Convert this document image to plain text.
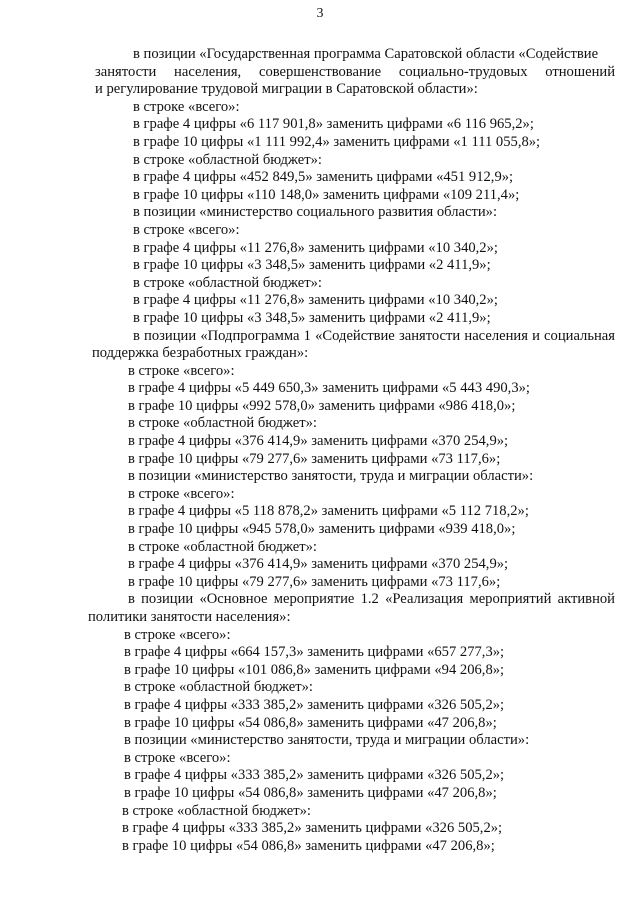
3
в позиции «Государственная программа Саратовской области «Содействие
занятости населения, совершенствование социально-трудовых отношений
и регулирование трудовой миграции в Саратовской области»:
в строке «всего»:
в графе 4 цифры «6 117 901,8» заменить цифрами «6 116 965,2»;
в графе 10 цифры «1 111 992,4» заменить цифрами «1 111 055,8»;
в строке «областной бюджет»:
в графе 4 цифры «452 849,5» заменить цифрами «451 912,9»;
в графе 10 цифры «110 148,0» заменить цифрами «109 211,4»;
в позиции «министерство социального развития области»:
в строке «всего»:
в графе 4 цифры «11 276,8» заменить цифрами «10 340,2»;
в графе 10 цифры «3 348,5» заменить цифрами «2 411,9»;
в строке «областной бюджет»:
в графе 4 цифры «11 276,8» заменить цифрами «10 340,2»;
в графе 10 цифры «3 348,5» заменить цифрами «2 411,9»;
в позиции «Подпрограмма 1 «Содействие занятости населения и социальная
поддержка безработных граждан»:
в строке «всего»:
в графе 4 цифры «5 449 650,3» заменить цифрами «5 443 490,3»;
в графе 10 цифры «992 578,0» заменить цифрами «986 418,0»;
в строке «областной бюджет»:
в графе 4 цифры «376 414,9» заменить цифрами «370 254,9»;
в графе 10 цифры «79 277,6» заменить цифрами «73 117,6»;
в позиции «министерство занятости, труда и миграции области»:
в строке «всего»:
в графе 4 цифры «5 118 878,2» заменить цифрами «5 112 718,2»;
в графе 10 цифры «945 578,0» заменить цифрами «939 418,0»;
в строке «областной бюджет»:
в графе 4 цифры «376 414,9» заменить цифрами «370 254,9»;
в графе 10 цифры «79 277,6» заменить цифрами «73 117,6»;
в позиции «Основное мероприятие 1.2 «Реализация мероприятий активной
политики занятости населения»:
в строке «всего»:
в графе 4 цифры «664 157,3» заменить цифрами «657 277,3»;
в графе 10 цифры «101 086,8» заменить цифрами «94 206,8»;
в строке «областной бюджет»:
в графе 4 цифры «333 385,2» заменить цифрами «326 505,2»;
в графе 10 цифры «54 086,8» заменить цифрами «47 206,8»;
в позиции «министерство занятости, труда и миграции области»:
в строке «всего»:
в графе 4 цифры «333 385,2» заменить цифрами «326 505,2»;
в графе 10 цифры «54 086,8» заменить цифрами «47 206,8»;
в строке «областной бюджет»:
в графе 4 цифры «333 385,2» заменить цифрами «326 505,2»;
в графе 10 цифры «54 086,8» заменить цифрами «47 206,8»;
